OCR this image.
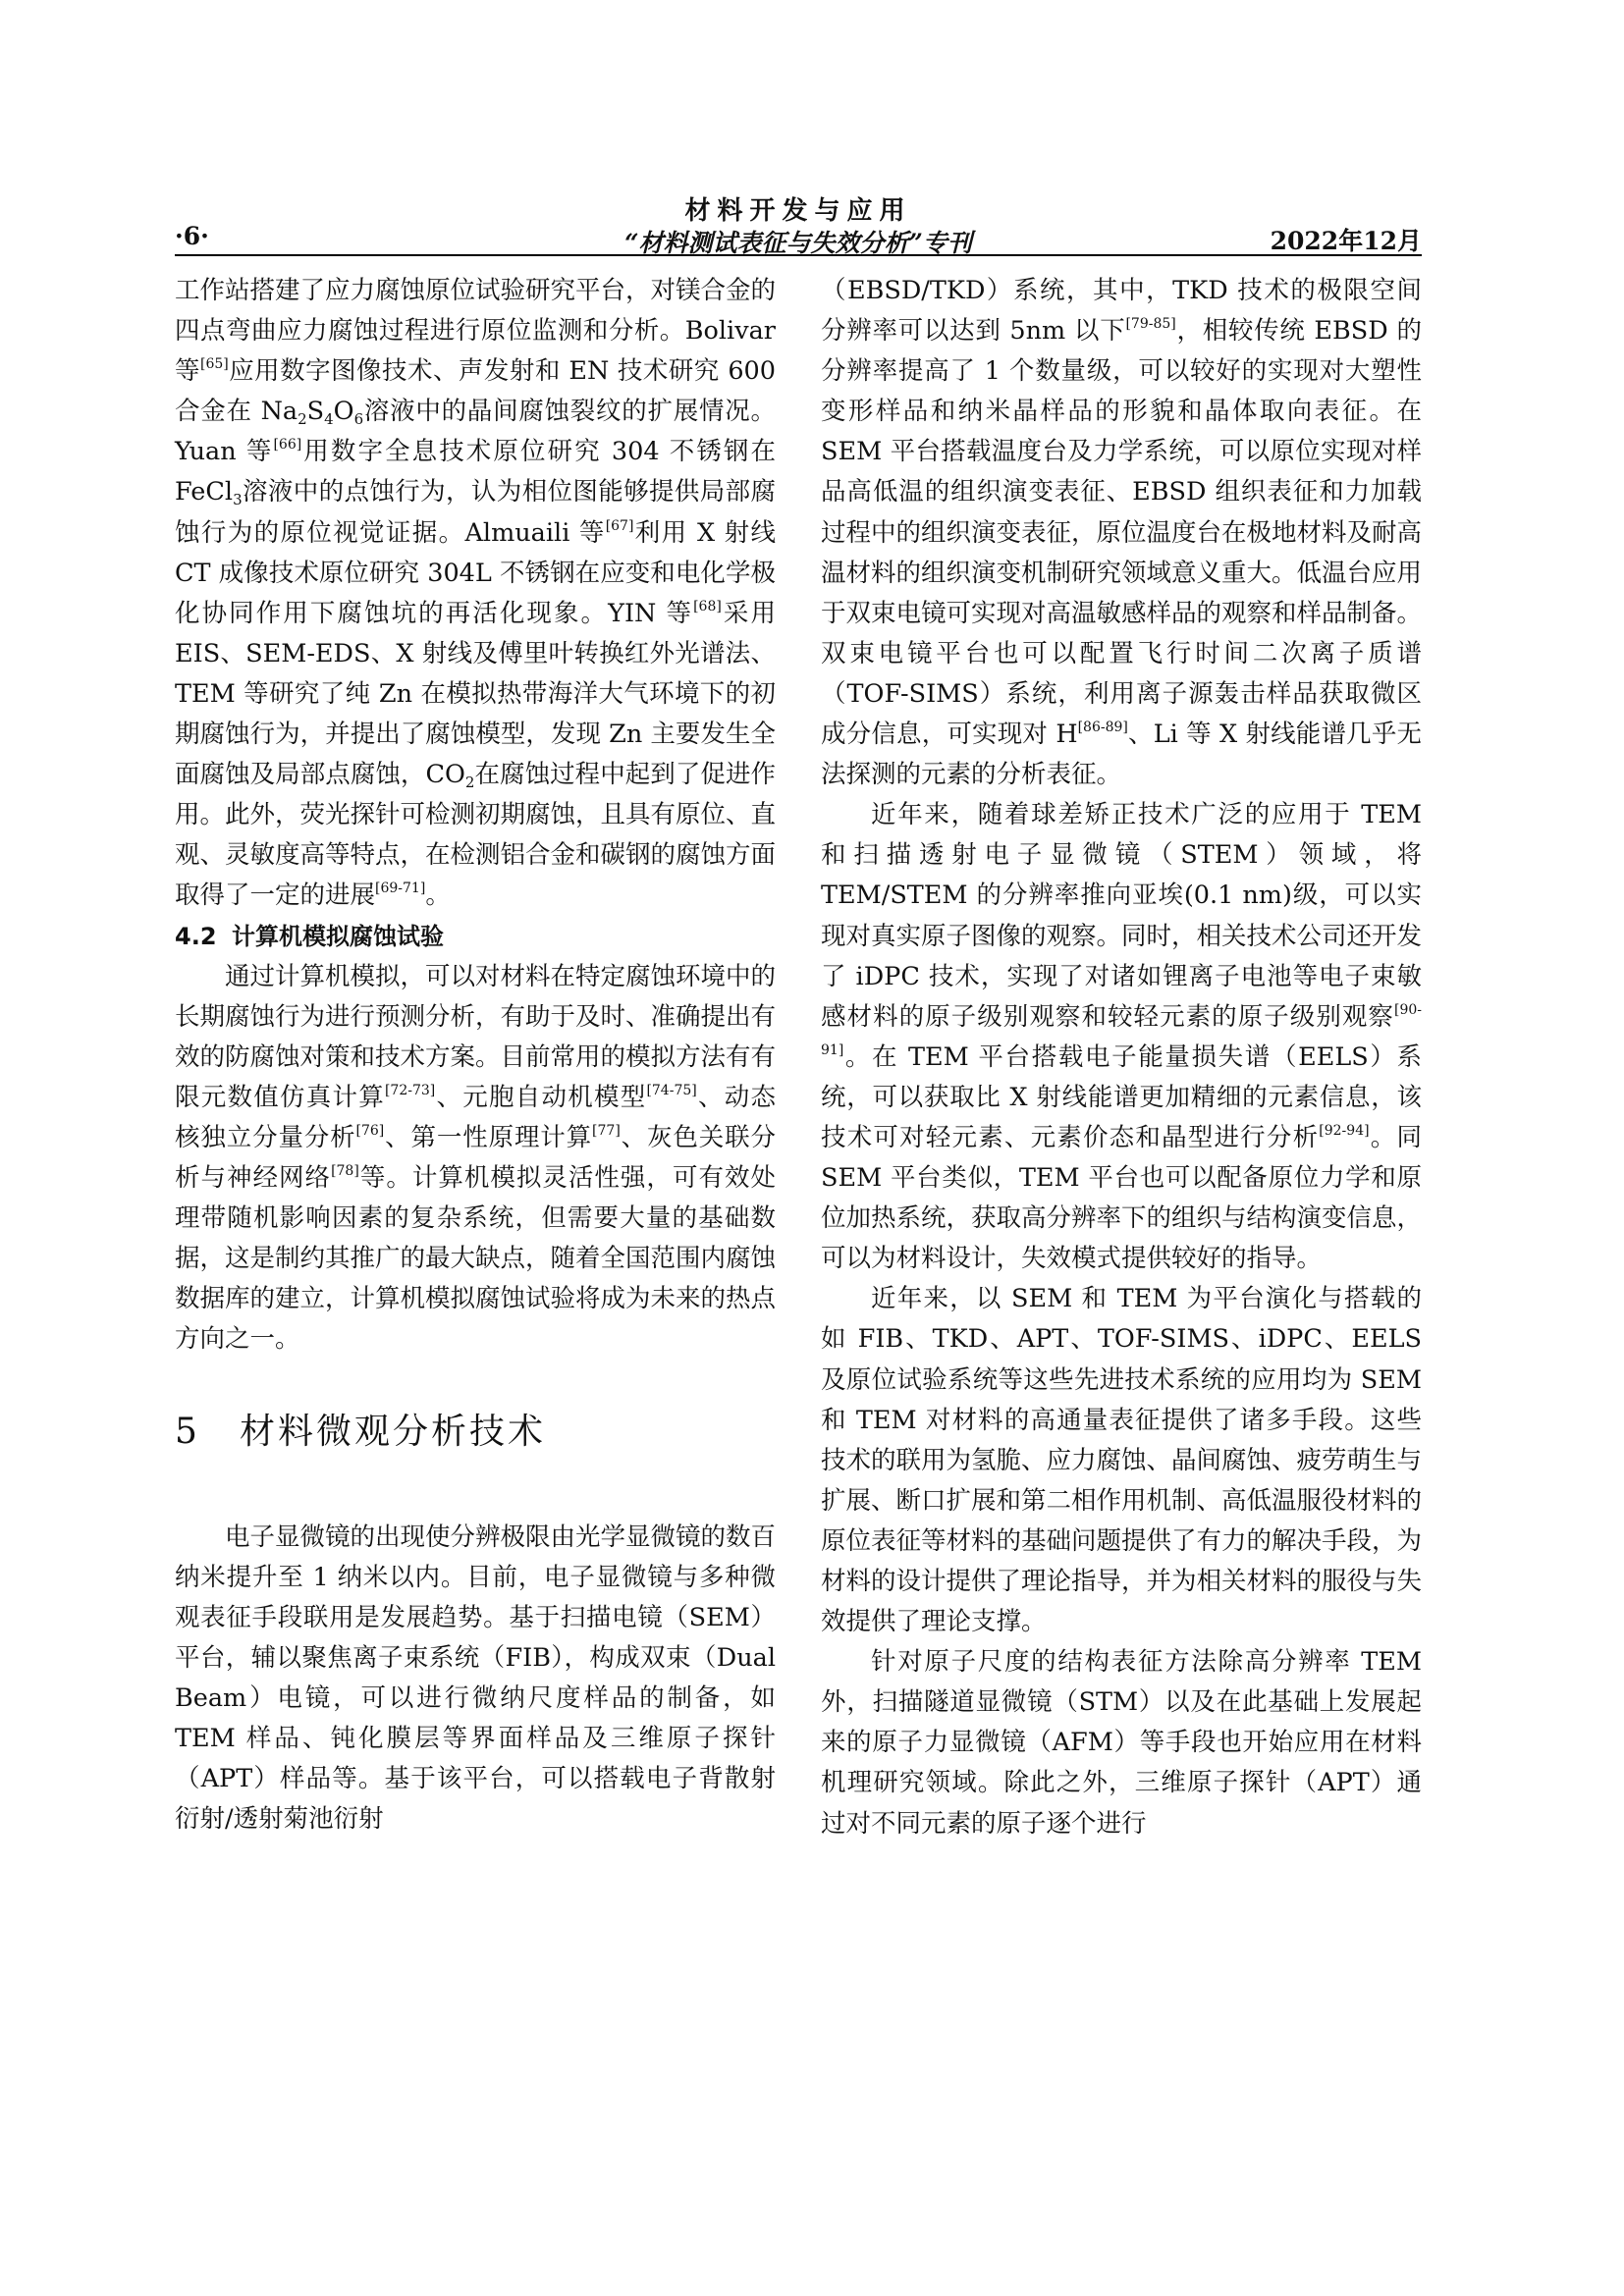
·6·
材料开发与应用
“材料测试表征与失效分析”专刊	2022年12月

工作站搭建了应力腐蚀原位试验研究平台，对镁合金的四点弯曲应力腐蚀过程进行原位监测和分析。Bolivar 等[65]应用数字图像技术、声发射和 EN 技术研究 600 合金在 $Na_2S_4O_6$溶液中的晶间腐蚀裂纹的扩展情况。Yuan 等[66]用数字全息技术原位研究 304 不锈钢在 FeCl$_3$溶液中的点蚀行为，认为相位图能够提供局部腐蚀行为的原位视觉证据。Almuaili 等[67]利用 X 射线 CT 成像技术原位研究 304L 不锈钢在应变和电化学极化协同作用下腐蚀坑的再活化现象。YIN 等[68]采用 EIS、SEM-EDS、X 射线及傅里叶转换红外光谱法、TEM 等研究了纯 Zn 在模拟热带海洋大气环境下的初期腐蚀行为，并提出了腐蚀模型，发现 Zn 主要发生全面腐蚀及局部点腐蚀，$CO_2$在腐蚀过程中起到了促进作用。此外，荧光探针可检测初期腐蚀，且具有原位、直观、灵敏度高等特点，在检测铝合金和碳钢的腐蚀方面取得了一定的进展[69-71]。

4.2 计算机模拟腐蚀试验

通过计算机模拟，可以对材料在特定腐蚀环境中的长期腐蚀行为进行预测分析，有助于及时、准确提出有效的防腐蚀对策和技术方案。目前常用的模拟方法有有限元数值仿真计算[72-73]、元胞自动机模型[74-75]、动态核独立分量分析[76]、第一性原理计算[77]、灰色关联分析与神经网络[78]等。计算机模拟灵活性强，可有效处理带随机影响因素的复杂系统，但需要大量的基础数据，这是制约其推广的最大缺点，随着全国范围内腐蚀数据库的建立，计算机模拟腐蚀试验将成为未来的热点方向之一。

5 材料微观分析技术

电子显微镜的出现使分辨极限由光学显微镜的数百纳米提升至 1 纳米以内。目前，电子显微镜与多种微观表征手段联用是发展趋势。基于扫描电镜（SEM）平台，辅以聚焦离子束系统（FIB），构成双束（Dual Beam）电镜，可以进行微纳尺度样品的制备，如 TEM 样品、钝化膜层等界面样品及三维原子探针（APT）样品等。基于该平台，可以搭载电子背散射衍射/透射菊池衍射

（EBSD/TKD）系统，其中，TKD 技术的极限空间分辨率可以达到 5nm 以下[79-85]，相较传统 EBSD 的分辨率提高了 1 个数量级，可以较好的实现对大塑性变形样品和纳米晶样品的形貌和晶体取向表征。在 SEM 平台搭载温度台及力学系统，可以原位实现对样品高低温的组织演变表征、EBSD 组织表征和力加载过程中的组织演变表征，原位温度台在极地材料及耐高温材料的组织演变机制研究领域意义重大。低温台应用于双束电镜可实现对高温敏感样品的观察和样品制备。双束电镜平台也可以配置飞行时间二次离子质谱（TOF-SIMS）系统，利用离子源轰击样品获取微区成分信息，可实现对 H[86-89]、Li 等 X 射线能谱几乎无法探测的元素的分析表征。

近年来，随着球差矫正技术广泛的应用于 TEM 和扫描透射电子显微镜（STEM）领域，将 TEM/STEM 的分辨率推向亚埃(0.1 nm)级，可以实现对真实原子图像的观察。同时，相关技术公司还开发了 iDPC 技术，实现了对诸如锂离子电池等电子束敏感材料的原子级别观察和较轻元素的原子级别观察[90-91]。在 TEM 平台搭载电子能量损失谱（EELS）系统，可以获取比 X 射线能谱更加精细的元素信息，该技术可对轻元素、元素价态和晶型进行分析[92-94]。同 SEM 平台类似，TEM 平台也可以配备原位力学和原位加热系统，获取高分辨率下的组织与结构演变信息，可以为材料设计，失效模式提供较好的指导。

近年来，以 SEM 和 TEM 为平台演化与搭载的如 FIB、TKD、APT、TOF-SIMS、iDPC、EELS 及原位试验系统等这些先进技术系统的应用均为 SEM 和 TEM 对材料的高通量表征提供了诸多手段。这些技术的联用为氢脆、应力腐蚀、晶间腐蚀、疲劳萌生与扩展、断口扩展和第二相作用机制、高低温服役材料的原位表征等材料的基础问题提供了有力的解决手段，为材料的设计提供了理论指导，并为相关材料的服役与失效提供了理论支撑。

针对原子尺度的结构表征方法除高分辨率 TEM 外，扫描隧道显微镜（STM）以及在此基础上发展起来的原子力显微镜（AFM）等手段也开始应用在材料机理研究领域。除此之外，三维原子探针（APT）通过对不同元素的原子逐个进行
